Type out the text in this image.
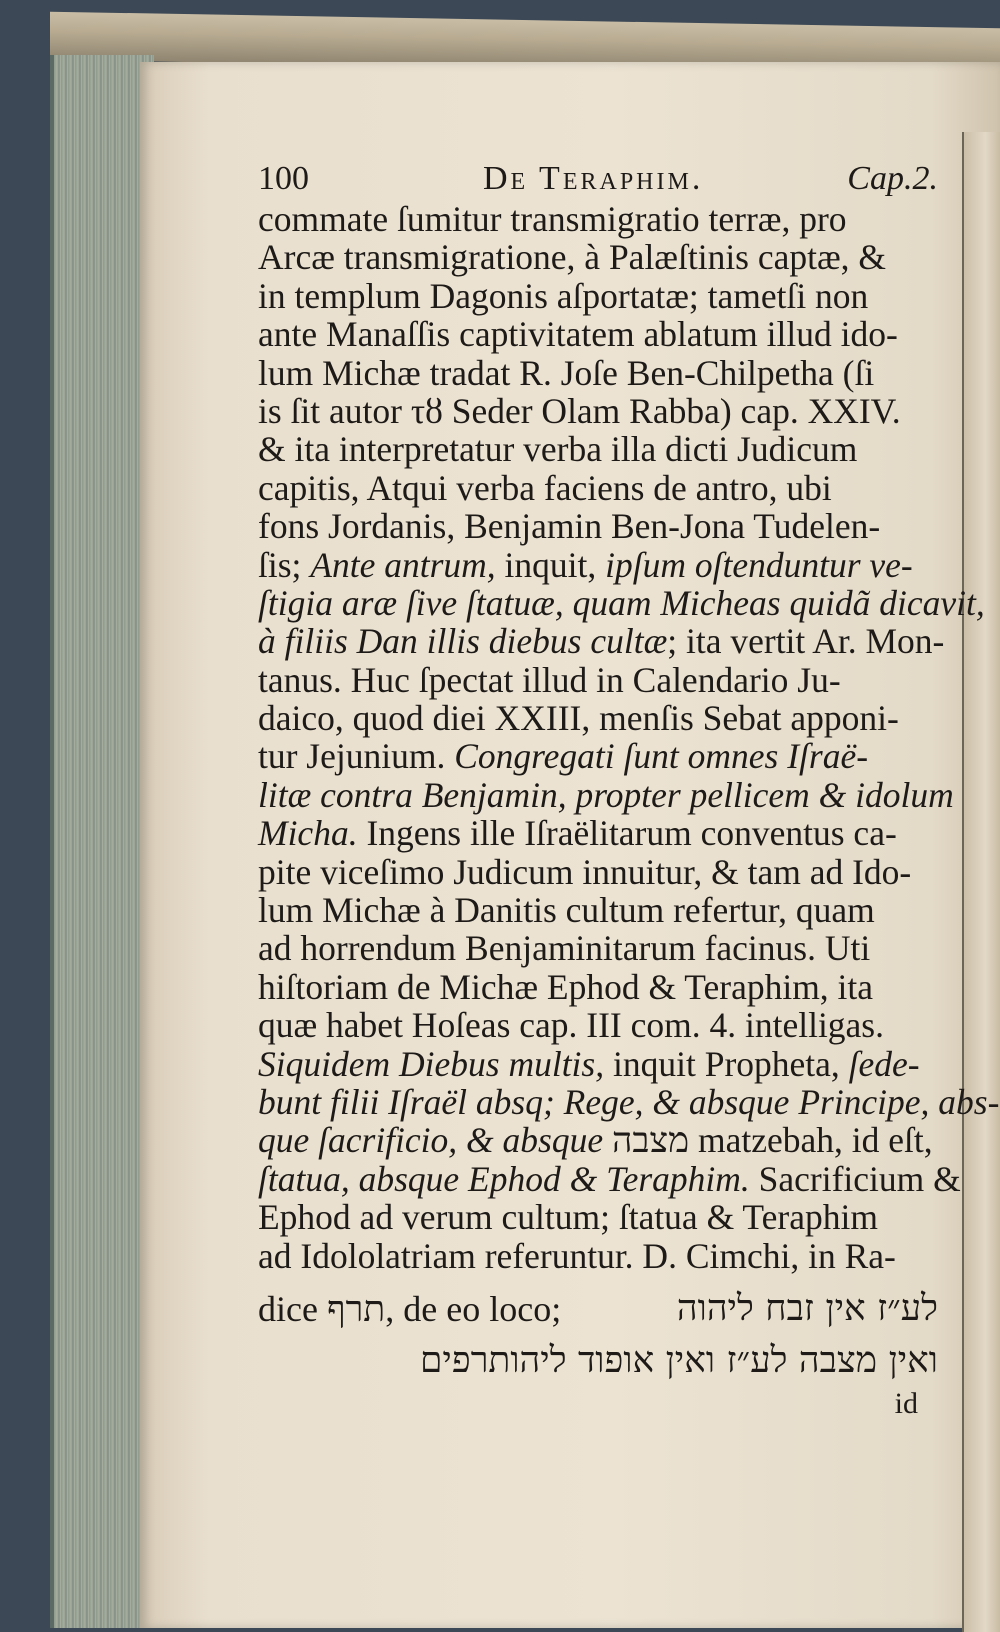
100	De Teraphim.	Cap.2.
commate ſumitur transmigratio terræ, pro
Arcæ transmigratione, à Palæſtinis captæ, &
in templum Dagonis aſportatæ; tametſi non
ante Manaſſis captivitatem ablatum illud ido-
lum Michæ tradat R. Joſe Ben-Chilpetha (ſi
is ſit autor τȣ Seder Olam Rabba) cap. XXIV.
& ita interpretatur verba illa dicti Judicum
capitis, Atqui verba faciens de antro, ubi
fons Jordanis, Benjamin Ben-Jona Tudelen-
ſis; Ante antrum, inquit, ipſum oſtenduntur ve-
ſtigia aræ ſive ſtatuæ, quam Micheas quidã dicavit,
à filiis Dan illis diebus cultæ; ita vertit Ar. Mon-
tanus. Huc ſpectat illud in Calendario Ju-
daico, quod diei XXIII, menſis Sebat apponi-
tur Jejunium. Congregati ſunt omnes Iſraë-
litæ contra Benjamin, propter pellicem & idolum
Micha. Ingens ille Iſraëlitarum conventus ca-
pite viceſimo Judicum innuitur, & tam ad Ido-
lum Michæ à Danitis cultum refertur, quam
ad horrendum Benjaminitarum facinus. Uti
hiſtoriam de Michæ Ephod & Teraphim, ita
quæ habet Hoſeas cap. III com. 4. intelligas.
Siquidem Diebus multis, inquit Propheta, ſede-
bunt filii Iſraël absq; Rege, & absque Principe, abs-
que ſacrificio, & absque מצבה matzebah, id eſt,
ſtatua, absque Ephod & Teraphim. Sacrificium &
Ephod ad verum cultum; ſtatua & Teraphim
ad Idololatriam referuntur. D. Cimchi, in Ra-
dice תרף, de eo loco;	לע״ז אין זבח ליהוה
ואין מצבה לע״ז ואין אופוד ליהותרפים
id
